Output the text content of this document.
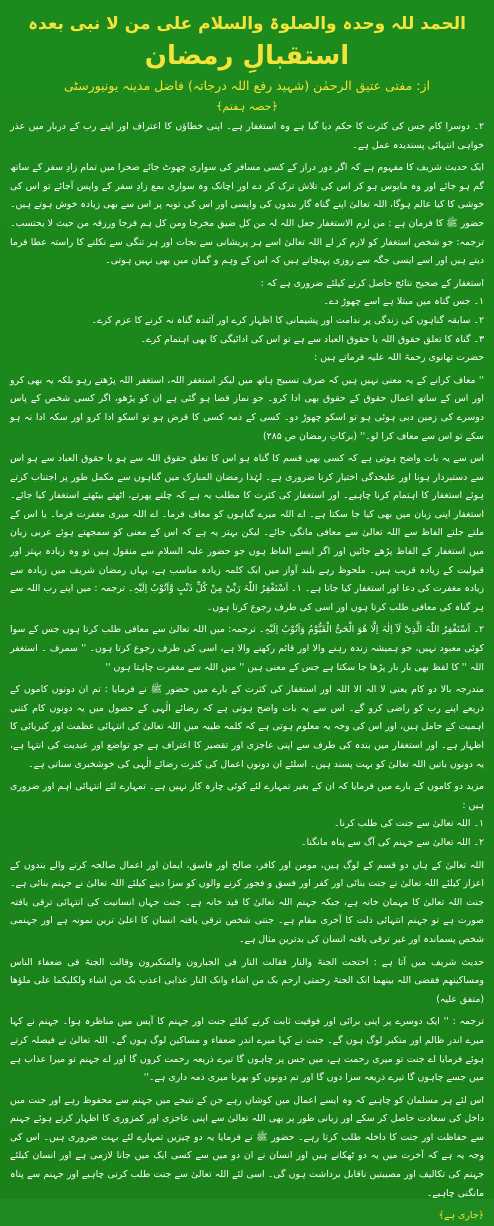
الحمد للہ وحدہ والصلوۃ والسلام علی من لا نبی بعدہ
استقبالِ رمضان
از: مفتی عتیق الرحمٰن (شہید رفع اللہ درجاتہ) فاضل مدینہ یونیورسٹی
﴿حصہ ہفتم﴾

۲۔ دوسرا کام جس کی کثرت کا حکم دیا گیا ہے وہ استغفار ہے۔ اپنی خطاؤں کا اعتراف اور اپنے رب کے دربار میں عذر خواہی انتہائی پسندیدہ عمل ہے۔

ایک حدیث شریف کا مفہوم ہے کہ اگر دور دراز کے کسی مسافر کی سواری چھوٹ جائے صحرا میں تمام زادِ سفر کے ساتھ گم ہو جائے اور وہ مایوس ہو کر اس کی تلاش ترک کر دے اور اچانک وہ سواری بمع زادِ سفر کے واپس آجائے تو اس کی خوشی کا کیا عالم ہوگا، اللہ تعالیٰ اپنے گناہ گار بندوں کی واپسی اور اس کی توبہ پر اس سے بھی زیادہ خوش ہوتے ہیں۔ حضور ﷺ کا فرمان ہے : من لزم الاستغفار جعل اللہ لہ من کل ضیق مخرجا ومن کل ہم فرجا ورزقہ من حیث لا یحتسب۔ ترجمہ: جو شخص استغفار کو لازم کر لے اللہ تعالیٰ اسے ہر پریشانی سے نجات اور ہر تنگی سے نکلنے کا راستہ عطا فرما دیتے ہیں اور اسے ایسی جگہ سے روزی پہنچاتے ہیں کہ اس کے وہم و گمان میں بھی نہیں ہوتی۔

استغفار کے صحیح نتائج حاصل کرنے کیلئے ضروری ہے کہ :

۱۔ جس گناہ میں مبتلا ہے اسے چھوڑ دے۔

۲۔ سابقہ گناہوں کی زندگی پر ندامت اور پشیمانی کا اظہار کرے اور آئندہ گناہ نہ کرنے کا عزم کرے۔

۳۔ گناہ کا تعلق حقوق اللہ یا حقوق العباد سے ہے تو اس کی ادائیگی کا بھی اہتمام کرے۔

حضرت تھانوی رحمۃ اللہ علیہ فرماتے ہیں :

'' معاف کرانے کے یہ معنی نہیں ہیں کہ صرف تسبیح ہاتھ میں لیکر استغفر اللہ، استغفر اللہ پڑھتے رہو بلکہ یہ بھی کرو اور اس کے ساتھ اعمال حقوق کے حقوق بھی ادا کرو۔ جو نماز قضا ہو گئی ہے ان کو پڑھو، اگر کسی شخص کے پاس دوسرے کی زمین دبی ہوئی ہو تو اسکو چھوڑ دو۔ کسی کے ذمہ کسی کا قرض ہو تو اسکو ادا کرو اور سکہ ادا نہ ہو سکے تو اس سے معاف کرا لو۔'' (برکاتِ رمضان ص ۲۸۵)

اس سے یہ بات واضح ہوتی ہے کہ کسی بھی قسم کا گناہ ہو اس کا تعلق حقوق اللہ سے ہو یا حقوق العباد سے ہو اس سے دستبردار ہونا اور علیحدگی اختیار کرنا ضروری ہے۔ لہٰذا رمضان المبارک میں گناہوں سے مکمل طور پر اجتناب کرتے ہوئے استغفار کا اہتمام کرنا چاہیے۔ اور استغفار کی کثرت کا مطلب یہ ہے کہ چلتے پھرتے، اٹھتے بیٹھتے استغفار کیا جائے۔ استغفار اپنی زبان میں بھی کیا جا سکتا ہے۔ اے اللہ میرے گناہوں کو معاف فرما۔ اے اللہ میری مغفرت فرما۔ یا اس کے ملتے جلتے الفاظ سے اللہ تعالیٰ سے معافی مانگی جائے۔ لیکن بہتر یہ ہے کہ اس کے معنی کو سمجھتے ہوئے عربی زبان میں استغفار کے الفاظ پڑھے جائیں اور اگر ایسے الفاظ ہوں جو حضور علیہ السلام سے منقول ہیں تو وہ زیادہ بہتر اور قبولیت کے زیادہ قریب ہیں۔ ملحوظ رہے بلند آواز میں ایک کلمہ زیادہ مناسب ہے، یہاں رمضان شریف میں زیادہ سے زیادہ مغفرت کی دعا اور استغفار کیا جاتا ہے۔ ۱۔ اَسْتَغْفِرُ اللّٰہَ رَبِّیْ مِنْ کُلِّ ذَنْبٍ وَّاَتُوْبُ اِلَیْہِ۔ ترجمہ : میں اپنے رب اللہ سے ہر گناہ کی معافی طلب کرتا ہوں اور اسی کی طرف رجوع کرتا ہوں۔

۲۔ اَسْتَغْفِرُ اللّٰہَ الَّذِیْ لَآ اِلٰہَ اِلَّا ھُوَ الْحَیُّ الْقَیُّوْمُ وَاَتُوْبُ اِلَیْہِ۔ ترجمہ: میں اللہ تعالیٰ سے معافی طلب کرتا ہوں جس کے سوا کوئی معبود نہیں، جو ہمیشہ زندہ رہنے والا اور قائم رکھنے والا ہے، اسی کی طرف رجوع کرتا ہوں۔ '' سمرف ۔ استغفر اللہ '' کا لفظ بھی بار بار پڑھا جا سکتا ہے جس کے معنی ہیں '' میں اللہ سے مغفرت چاہتا ہوں ''

مندرجہ بالا دو کام یعنی لا الہ الا اللہ اور استغفار کی کثرت کے بارے میں حضور ﷺ نے فرمایا : تم ان دونوں کاموں کے ذریعے اپنے رب کو راضی کرو گے۔ اس سے یہ بات واضح ہوتی ہے کہ رضائے الٰہی کے حصول میں یہ دونوں کام کتنی اہمیت کے حامل ہیں، اور اس کی وجہ یہ معلوم ہوتی ہے کہ کلمہ طیبہ میں اللہ تعالیٰ کی انتہائی عظمت اور کبریائی کا اظہار ہے۔ اور استغفار میں بندہ کی طرف سے اپنی عاجزی اور تقصیر کا اعتراف ہے جو تواضع اور عبدیت کی انتہا ہے، یہ دونوں باتیں اللہ تعالیٰ کو بہت پسند ہیں۔ اسلئے ان دونوں اعمال کی کثرت رضائے الٰہی کی خوشخبری سناتی ہے۔

مزید دو کاموں کے بارے میں فرمایا کہ ان کے بغیر تمہارے لئے کوئی چارہ کار نہیں ہے۔ تمہارے لئے انتہائی اہم اور ضروری ہیں :

۱۔ اللہ تعالیٰ سے جنت کی طلب کرنا۔

۲۔ اللہ تعالیٰ سے جہنم کی آگ سے پناہ مانگنا۔

اللہ تعالیٰ کے ہاں دو قسم کے لوگ ہیں، مومن اور کافر، صالح اور فاسق، ایمان اور اعمال صالحہ کرنے والے بندوں کے اعزاز کیلئے اللہ تعالیٰ نے جنت بنائی اور کفر اور فسق و فجور کرنے والوں کو سزا دینے کیلئے اللہ تعالیٰ نے جہنم بنائی ہے۔ جنت اللہ تعالیٰ کا مہمان خانہ ہے، جبکہ جہنم اللہ تعالیٰ کا قید خانہ ہے۔ جنت جہاں انسانیت کی انتہائی ترقی یافتہ صورت ہے تو جہنم انتہائی ذلت کا آخری مقام ہے۔ جنتی شخص ترقی یافتہ انسان کا اعلیٰ ترین نمونہ ہے اور جہنمی شخص پسماندہ اور غیر ترقی یافتہ انسان کی بدترین مثال ہے۔

حدیث شریف میں آتا ہے : احتجت الجنۃ والنار فقالت النار فی الجبارون والمتکبرون وقالت الجنۃ فی ضعفاء الناس ومساکینھم فقضی اللہ بینھما انک الجنۃ رحمتی ارحم بک من اشاء وانک النار عذابی اعذب بک من اشاء ولکلیکما علی ملؤھا (متفق علیہ)

ترجمہ : '' ایک دوسرے پر اپنی برائی اور فوقیت ثابت کرنے کیلئے جنت اور جہنم کا آپس میں مناظرہ ہوا۔ جہنم نے کہا میرے اندر ظالم اور متکبر لوگ ہوں گے۔ جنت نے کہا میرے اندر ضعفاء و مساکین لوگ ہوں گے۔ اللہ تعالیٰ نے فیصلہ کرتے ہوئے فرمایا اے جنت تو میری رحمت ہے، میں جس پر چاہوں گا تیرے ذریعہ رحمت کروں گا اور اے جہنم تو میرا عذاب ہے میں جسے چاہوں گا تیرے ذریعہ سزا دوں گا اور تم دونوں کو بھرنا میری ذمہ داری ہے۔''

اس لئے ہر مسلمان کو چاہیے کہ وہ ایسے اعمال میں کوشاں رہے جن کے نتیجے میں جہنم سے محفوظ رہے اور جنت میں داخل کی سعادت حاصل کر سکے اور زبانی طور پر بھی اللہ تعالیٰ سے اپنی عاجزی اور کمزوری کا اظہار کرتے ہوئے جہنم سے حفاظت اور جنت کا داخلہ طلب کرتا رہے۔ حضور ﷺ نے فرمایا یہ دو چیزیں تمہارے لئے بہت ضروری ہیں۔ اس کی وجہ یہ ہے کہ آخرت میں یہ دو ٹھکانے ہیں اور انسان نے ان دو میں سے کسی ایک میں جانا لازمی ہے اور انسان کیلئے جہنم کی تکالیف اور مصیبتیں ناقابل برداشت ہوں گی۔ اسی لئے اللہ تعالیٰ سے جنت طلب کرنی چاہیے اور جہنم سے پناہ مانگنی چاہیے۔

﴿جاری ہے﴾
